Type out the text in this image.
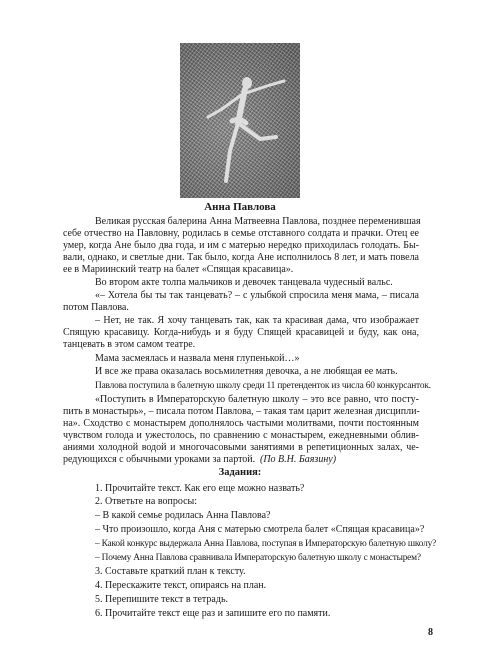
Анна Павлова
Великая русская балерина Анна Матвеевна Павлова, позднее переменившая
себе отчество на Павловну, родилась в семье отставного солдата и прачки. Отец ее
умер, когда Ане было два года, и им с матерью нередко приходилась голодать. Бы-
вали, однако, и светлые дни. Так было, когда Ане исполнилось 8 лет, и мать повела
ее в Мариинский театр на балет «Спящая красавица».
Во втором акте толпа мальчиков и девочек танцевала чудесный вальс.
«– Хотела бы ты так танцевать? – с улыбкой спросила меня мама, – писала
потом Павлова.
– Нет, не так. Я хочу танцевать так, как та красивая дама, что изображает
Спящую красавицу. Когда-нибудь и я буду Спящей красавицей и буду, как она,
танцевать в этом самом театре.
Мама засмеялась и назвала меня глупенькой…»
И все же права оказалась восьмилетняя девочка, а не любящая ее мать.
Павлова поступила в балетную школу среди 11 претенденток из числа 60 конкурсанток.
«Поступить в Императорскую балетную школу – это все равно, что посту-
пить в монастырь», – писала потом Павлова, – такая там царит железная дисципли-
на». Сходство с монастырем дополнялось частыми молитвами, почти постоянным
чувством голода и ужестолось, по сравнению с монастырем, ежедневными облив-
аниями холодной водой и многочасовыми занятиями в репетиционных залах, че-
редующихся с обычными уроками за партой. (По В.Н. Баязину)
Задания:
1. Прочитайте текст. Как его еще можно назвать?
2. Ответьте на вопросы:
– В какой семье родилась Анна Павлова?
– Что произошло, когда Аня с матерью смотрела балет «Спящая красавица»?
– Какой конкурс выдержала Анна Павлова, поступая в Императорскую балетную школу?
– Почему Анна Павлова сравнивала Императорскую балетную школу с монастырем?
3. Составьте краткий план к тексту.
4. Перескажите текст, опираясь на план.
5. Перепишите текст в тетрадь.
6. Прочитайте текст еще раз и запишите его по памяти.
8
